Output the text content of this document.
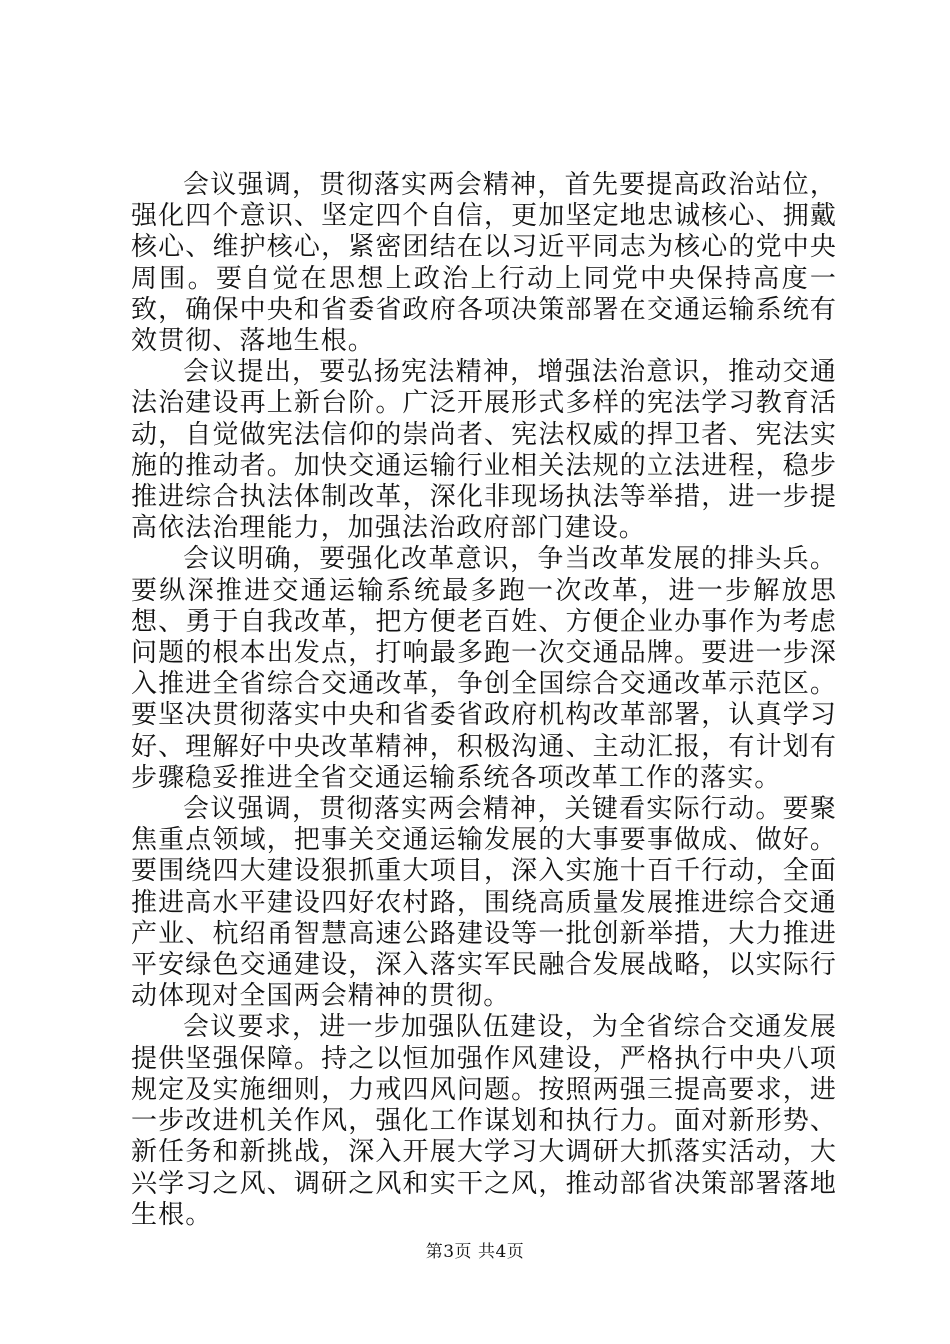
会议强调，贯彻落实两会精神，首先要提高政治站位，强化四个意识、坚定四个自信，更加坚定地忠诚核心、拥戴核心、维护核心，紧密团结在以习近平同志为核心的党中央周围。要自觉在思想上政治上行动上同党中央保持高度一致，确保中央和省委省政府各项决策部署在交通运输系统有效贯彻、落地生根。

会议提出，要弘扬宪法精神，增强法治意识，推动交通法治建设再上新台阶。广泛开展形式多样的宪法学习教育活动，自觉做宪法信仰的崇尚者、宪法权威的捍卫者、宪法实施的推动者。加快交通运输行业相关法规的立法进程，稳步推进综合执法体制改革，深化非现场执法等举措，进一步提高依法治理能力，加强法治政府部门建设。

会议明确，要强化改革意识，争当改革发展的排头兵。要纵深推进交通运输系统最多跑一次改革，进一步解放思想、勇于自我改革，把方便老百姓、方便企业办事作为考虑问题的根本出发点，打响最多跑一次交通品牌。要进一步深入推进全省综合交通改革，争创全国综合交通改革示范区。要坚决贯彻落实中央和省委省政府机构改革部署，认真学习好、理解好中央改革精神，积极沟通、主动汇报，有计划有步骤稳妥推进全省交通运输系统各项改革工作的落实。

会议强调，贯彻落实两会精神，关键看实际行动。要聚焦重点领域，把事关交通运输发展的大事要事做成、做好。要围绕四大建设狠抓重大项目，深入实施十百千行动，全面推进高水平建设四好农村路，围绕高质量发展推进综合交通产业、杭绍甬智慧高速公路建设等一批创新举措，大力推进平安绿色交通建设，深入落实军民融合发展战略，以实际行动体现对全国两会精神的贯彻。

会议要求，进一步加强队伍建设，为全省综合交通发展提供坚强保障。持之以恒加强作风建设，严格执行中央八项规定及实施细则，力戒四风问题。按照两强三提高要求，进一步改进机关作风，强化工作谋划和执行力。面对新形势、新任务和新挑战，深入开展大学习大调研大抓落实活动，大兴学习之风、调研之风和实干之风，推动部省决策部署落地生根。

第3页 共4页
